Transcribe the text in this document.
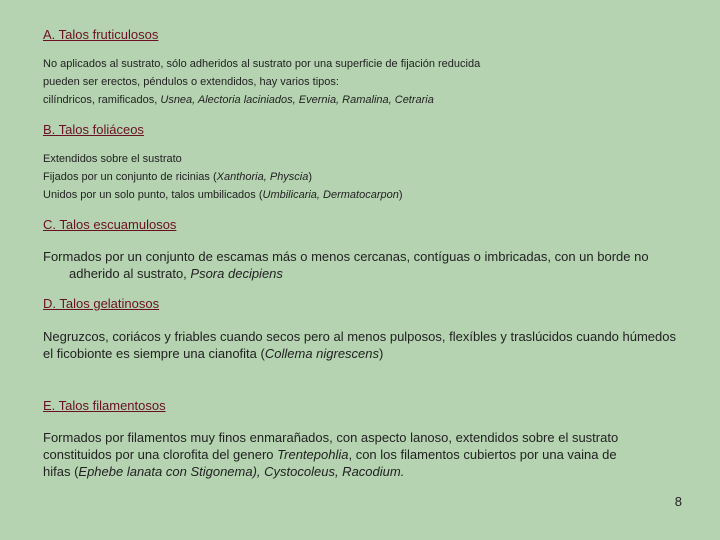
A. Talos fruticulosos

No aplicados al sustrato, sólo adheridos al sustrato por una superficie de fijación reducida

pueden ser erectos, péndulos o extendidos, hay varios tipos:

cilíndricos, ramificados, Usnea, Alectoria laciniados, Evernia, Ramalina, Cetraria

B. Talos foliáceos

Extendidos sobre el sustrato

Fijados por un conjunto de ricinias (Xanthoria, Physcia)

Unidos por un solo punto, talos umbilicados (Umbilicaria, Dermatocarpon)

C. Talos escuamulosos

Formados por un conjunto de escamas más o menos cercanas, contíguas o imbricadas, con un borde no adherido al sustrato, Psora decipiens

D. Talos gelatinosos

Negruzcos, coriácos y friables cuando secos pero al menos pulposos, flexíbles y traslúcidos cuando húmedos

el ficobionte es siempre una cianofita (Collema nigrescens)

E. Talos filamentosos
Formados por filamentos muy finos enmarañados, con aspecto lanoso, extendidos sobre el sustrato
constituidos por una clorofita del genero Trentepohlia, con los filamentos cubiertos por una vaina de
hifas (Ephebe lanata con Stigonema), Cystocoleus, Racodium.
8
